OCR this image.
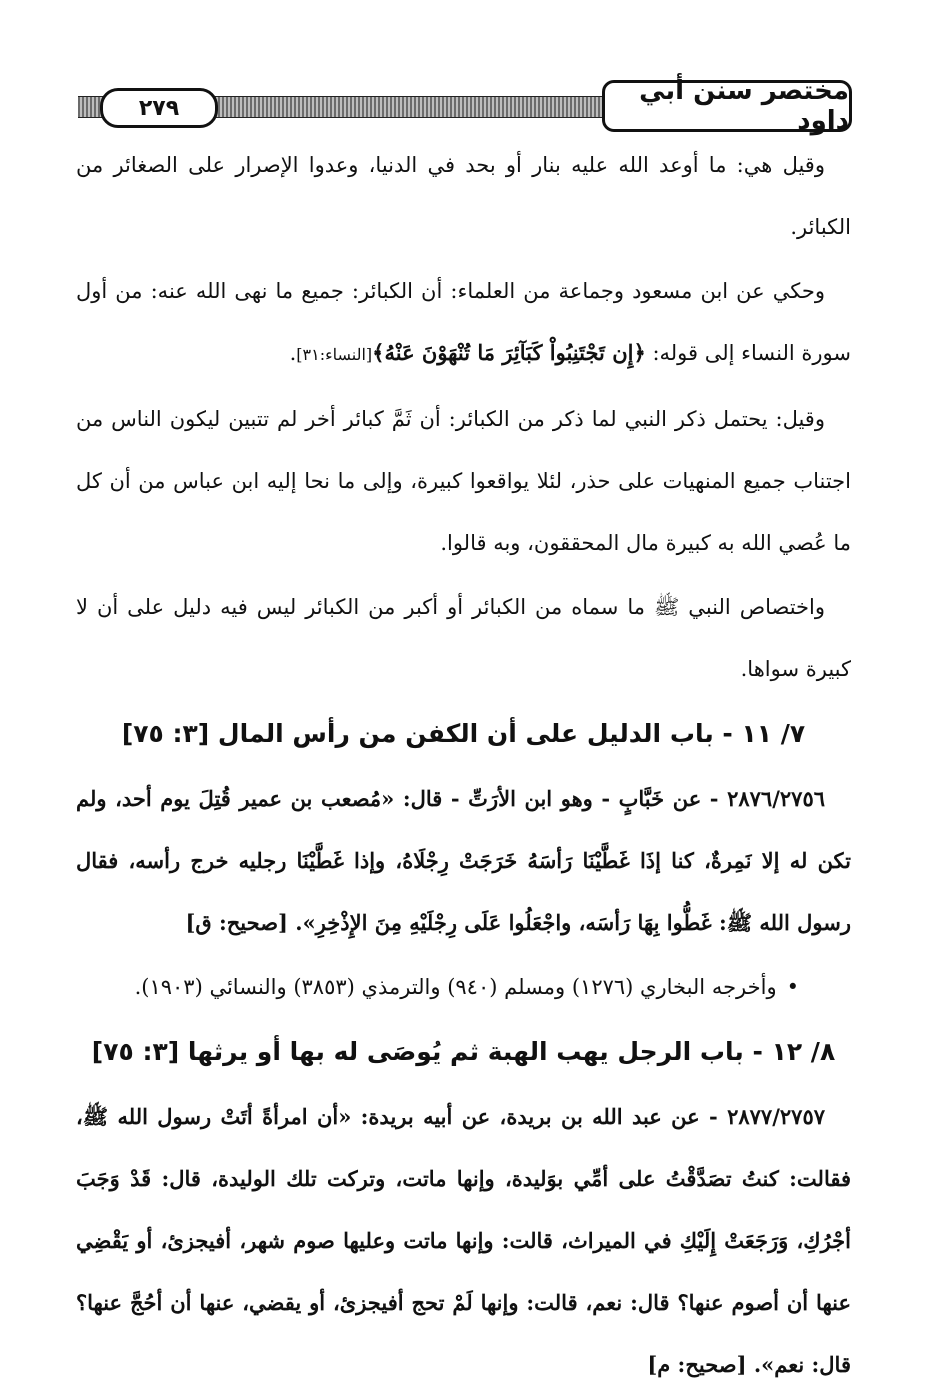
٢٧٩
مختصر سنن أبي داود

وقيل هي: ما أوعد الله عليه بنار أو بحد في الدنيا، وعدوا الإصرار على الصغائر من الكبائر.

وحكي عن ابن مسعود وجماعة من العلماء: أن الكبائر: جميع ما نهى الله عنه: من أول سورة النساء إلى قوله: ﴿إِن تَجْتَنِبُواْ كَبَآئِرَ مَا تُنْهَوْنَ عَنْهُ﴾[النساء:٣١].

وقيل: يحتمل ذكر النبي لما ذكر من الكبائر: أن ثَمَّ كبائر أخر لم تتبين ليكون الناس من اجتناب جميع المنهيات على حذر، لئلا يواقعوا كبيرة، وإلى ما نحا إليه ابن عباس من أن كل ما عُصي الله به كبيرة مال المحققون، وبه قالوا.

واختصاص النبي ﷺ ما سماه من الكبائر أو أكبر من الكبائر ليس فيه دليل على أن لا كبيرة سواها.

٧/ ١١ - باب الدليل على أن الكفن من رأس المال [٣: ٧٥]

٢٨٧٦/٢٧٥٦ - عن خَبَّابٍ - وهو ابن الأرَتِّ - قال: «مُصعب بن عمير قُتِلَ يوم أحد، ولم تكن له إلا نَمِرةٌ، كنا إذَا غَطَّيْنَا رَأسَهُ خَرَجَتْ رِجْلَاهُ، وإذا غَطَّيْنَا رجليه خرج رأسه، فقال رسول الله ﷺ: غَطُّوا بِهَا رَأسَه، واجْعَلُوا عَلَى رِجْلَيْهِ مِنَ الإِذْخِرِ». [صحيح: ق]

•وأخرجه البخاري (١٢٧٦) ومسلم (٩٤٠) والترمذي (٣٨٥٣) والنسائي (١٩٠٣).

٨/ ١٢ - باب الرجل يهب الهبة ثم يُوصَى له بها أو يرثها [٣: ٧٥]

٢٨٧٧/٢٧٥٧ - عن عبد الله بن بريدة، عن أبيه بريدة: «أن امرأةً أتَتْ رسول الله ﷺ، فقالت: كنتُ تصَدَّقْتُ على أمِّي بوَليدة، وإنها ماتت، وتركت تلك الوليدة، قال: قَدْ وَجَبَ أجْرُكِ، وَرَجَعَتْ إِلَيْكِ في الميراث، قالت: وإنها ماتت وعليها صوم شهر، أفيجزئ، أو يَقْضِي عنها أن أصوم عنها؟ قال: نعم، قالت: وإنها لَمْ تحج أفيجزئ، أو يقضي، عنها أن أحُجَّ عنها؟ قال: نعم». [صحيح: م]
